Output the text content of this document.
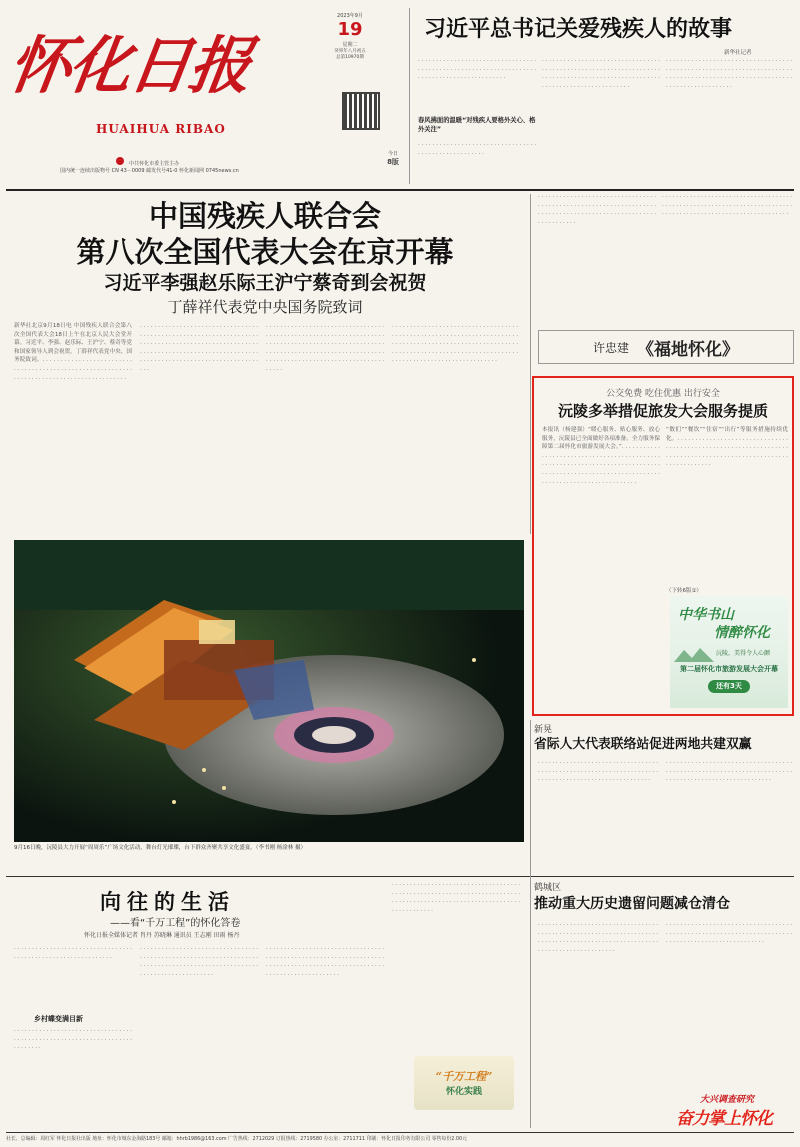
怀化日报
HUAIHUA RIBAO
中共怀化市委主管主办
国内统一连续出版物号 CN 43－0009 邮发代号41-0 怀化新闻网 0745news.cn
2023年9月
19
星期二
癸卯年八月初五
总第10970期
今日
8版
习近平总书记关爱残疾人的故事
新华社记者
. . . . . . . . . . . . . . . . . . . . . . . . . . . . . . . . . . . . . . . . . . . . . . . . . . . . . . . . . . . . . . . . . . . . . . . . . . . . . . . . . . . . . . . . . . .
春风拂面的温暖“对残疾人要格外关心、格外关注”
. . . . . . . . . . . . . . . . . . . . . . . . . . . . . . . . . . . . . . . . . . . . . . . . . . . .
. . . . . . . . . . . . . . . . . . . . . . . . . . . . . . . . . . . . . . . . . . . . . . . . . . . . . . . . . . . . . . . . . . . . . . . . . . . . . . . . . . . . . . . . . . . . . . . . . . . . . . . . . . . . . . . . . . . . . . . . . . . .
. . . . . . . . . . . . . . . . . . . . . . . . . . . . . . . . . . . . . . . . . . . . . . . . . . . . . . . . . . . . . . . . . . . . . . . . . . . . . . . . . . . . . . . . . . . . . . . . . . . . . . . . . . . . . . . . . . . . . . . . . . . .
中国残疾人联合会
第八次全国代表大会在京开幕
习近平李强赵乐际王沪宁蔡奇到会祝贺
丁薛祥代表党中央国务院致词
新华社北京9月18日电 中国残疾人联合会第八次全国代表大会18日上午在北京人民大会堂开幕。习近平、李强、赵乐际、王沪宁、蔡奇等党和国家领导人到会祝贺。丁薛祥代表党中央、国务院致词。. . . . . . . . . . . . . . . . . . . . . . . . . . . . . . . . . . . . . . . . . . . . . . . . . . . . . . . . . . . . . . . . . . . . . . . . . . . . . . . . . . . . . . . . . .
. . . . . . . . . . . . . . . . . . . . . . . . . . . . . . . . . . . . . . . . . . . . . . . . . . . . . . . . . . . . . . . . . . . . . . . . . . . . . . . . . . . . . . . . . . . . . . . . . . . . . . . . . . . . . . . . . . . . . . . . . . . . . . . . . . . . . . . . . . . . . . . . . . . . . . . . . . . . . . . . . . . . . . . .
. . . . . . . . . . . . . . . . . . . . . . . . . . . . . . . . . . . . . . . . . . . . . . . . . . . . . . . . . . . . . . . . . . . . . . . . . . . . . . . . . . . . . . . . . . . . . . . . . . . . . . . . . . . . . . . . . . . . . . . . . . . . . . . . . . . . . . . . . . . . . . . . . . . . . . . . . . . . . . . . . . . . . . . . . .
. . . . . . . . . . . . . . . . . . . . . . . . . . . . . . . . . . . . . . . . . . . . . . . . . . . . . . . . . . . . . . . . . . . . . . . . . . . . . . . . . . . . . . . . . . . . . . . . . . . . . . . . . . . . . . . . . . . . . . . . . . . . . . . . . . . . . . . . . . . . . . . . . . . . . . . . . . . . . . . . . . . . . . . . . .
. . . . . . . . . . . . . . . . . . . . . . . . . . . . . . . . . . . . . . . . . . . . . . . . . . . . . . . . . . . . . . . . . . . . . . . . . . . . . . . . . . . . . . . . . . . . . . . . . . . . . . . . . . . . . .
. . . . . . . . . . . . . . . . . . . . . . . . . . . . . . . . . . . . . . . . . . . . . . . . . . . . . . . . . . . . . . . . . . . . . . . . . . . . . . . . . . . . . . . . . . . . . . . . . . . . . . . . . . . . . .
许忠建 《福地怀化》
公交免费 吃住优惠 出行安全
沅陵多举措促旅发大会服务提质
本报讯（杨建强）“暖心服务、贴心服务、放心服务，沅陵县已全面做好各项准备，全力服务保障第二届怀化市旅游发展大会。”. . . . . . . . . . . . . . . . . . . . . . . . . . . . . . . . . . . . . . . . . . . . . . . . . . . . . . . . . . . . . . . . . . . . . . . . . . . . . . . . . . . . . . . . . . . . . . . . . . . . . . . . . . . . . . . . . . . . . . . . . . . . . . . . . . . . . . . . .
“数们”“餐饮”“住宿”“出行”等服务措施持续优化。. . . . . . . . . . . . . . . . . . . . . . . . . . . . . . . . . . . . . . . . . . . . . . . . . . . . . . . . . . . . . . . . . . . . . . . . . . . . . . . . . . . . . . . . . . . . . . . . . . . . . . . . . . . . . . . .
（下转6版①）
中华书山
情醉怀化
沅陵，美得令人心颤
第二届怀化市旅游发展大会开幕
还有3天
9月16日晚，沅陵县大力开展“周周乐”广场文化活动，舞台灯光璀璨，台下群众齐聚共享文化盛宴。（李书刚 杨淦林 摄）
新晃
省际人大代表联络站促进两地共建双赢
. . . . . . . . . . . . . . . . . . . . . . . . . . . . . . . . . . . . . . . . . . . . . . . . . . . . . . . . . . . . . . . . . . . . . . . . . . . . . . . . . . . . . . . . . . . . . . . . . . . .
. . . . . . . . . . . . . . . . . . . . . . . . . . . . . . . . . . . . . . . . . . . . . . . . . . . . . . . . . . . . . . . . . . . . . . . . . . . . . . . . . . . . . . . . . . . . . . . . . . . .
向往的生活
——看“千万工程”的怀化答卷
怀化日报全媒体记者 肖丹 苏晓琳 通讯员 王志刚 田雨 杨丹
. . . . . . . . . . . . . . . . . . . . . . . . . . . . . . . . . . . . . . . . . . . . . . . . . . . . . . . . . . . . .
乡村蝶变满目新
. . . . . . . . . . . . . . . . . . . . . . . . . . . . . . . . . . . . . . . . . . . . . . . . . . . . . . . . . . . . . . . . . . . . . . . . . .
. . . . . . . . . . . . . . . . . . . . . . . . . . . . . . . . . . . . . . . . . . . . . . . . . . . . . . . . . . . . . . . . . . . . . . . . . . . . . . . . . . . . . . . . . . . . . . . . . . . . . . . . . . . . . . . . . . . . . . . .
. . . . . . . . . . . . . . . . . . . . . . . . . . . . . . . . . . . . . . . . . . . . . . . . . . . . . . . . . . . . . . . . . . . . . . . . . . . . . . . . . . . . . . . . . . . . . . . . . . . . . . . . . . . . . . . . . . . . . . . .
. . . . . . . . . . . . . . . . . . . . . . . . . . . . . . . . . . . . . . . . . . . . . . . . . . . . . . . . . . . . . . . . . . . . . . . . . . . . . . . . . . . . . . . . . . . . . . . . . . . . . . . . . . . . . . . . . . . . . . . .
“千万工程”
怀化实践
鹤城区
推动重大历史遗留问题减仓清仓
. . . . . . . . . . . . . . . . . . . . . . . . . . . . . . . . . . . . . . . . . . . . . . . . . . . . . . . . . . . . . . . . . . . . . . . . . . . . . . . . . . . . . . . . . . . . . . . . . . . . . . . . . . . . . . . . . . . . . . . . . . . .
. . . . . . . . . . . . . . . . . . . . . . . . . . . . . . . . . . . . . . . . . . . . . . . . . . . . . . . . . . . . . . . . . . . . . . . . . . . . . . . . . . . . . . . . . . . . . . . . . .
大兴调查研究
奋力掌上怀化
社长、总编辑：周红军 怀化日报社出版 地址：怀化市城东金海路183号 邮箱：hhrb1986@163.com 广告热线：2712029 订报热线：2719580 办公室：2711711 印刷：怀化日报印务有限公司 零售每份2.00元
